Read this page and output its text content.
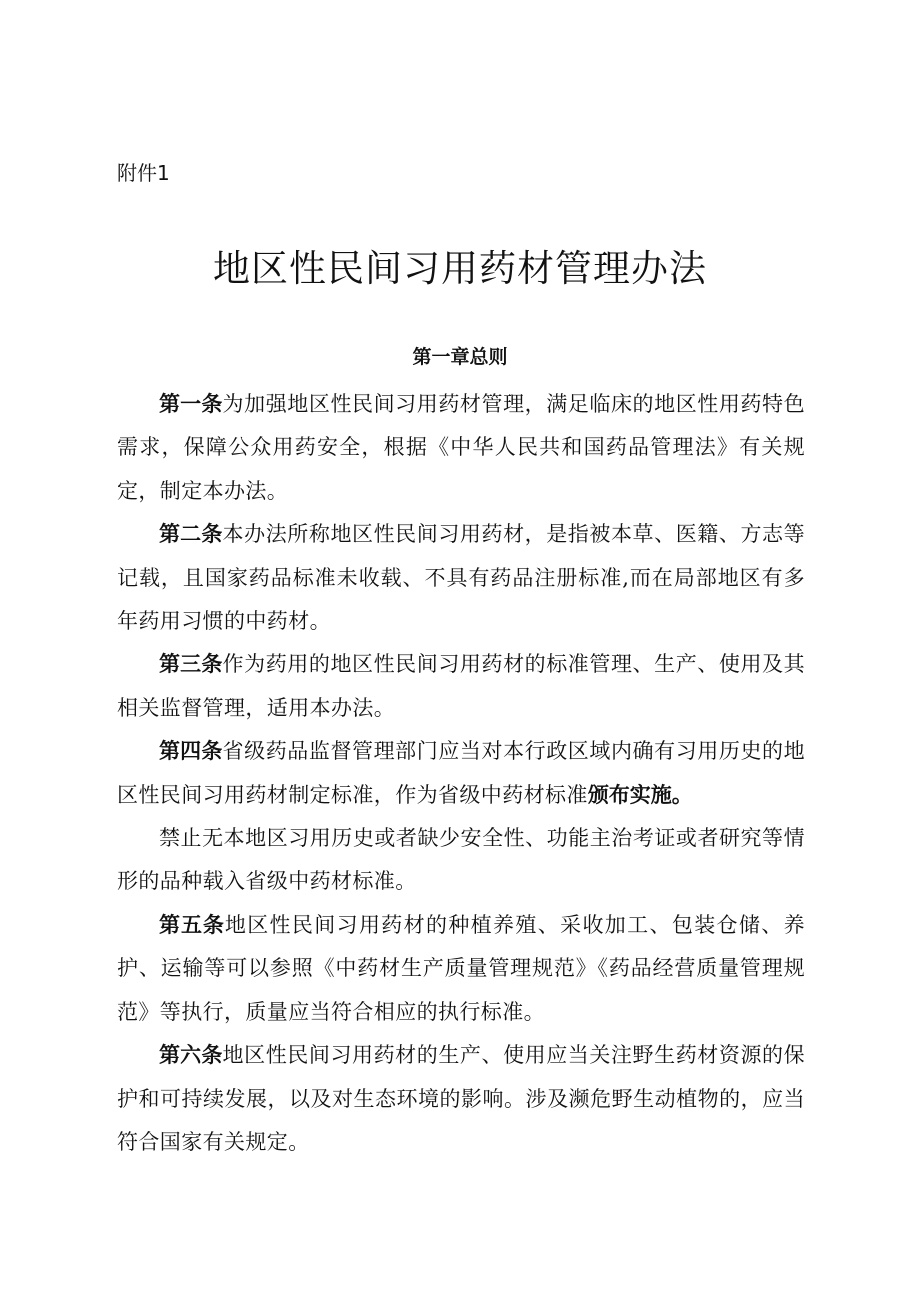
附件1
地区性民间习用药材管理办法
第一章总则

第一条为加强地区性民间习用药材管理，满足临床的地区性用药特色需求，保障公众用药安全，根据《中华人民共和国药品管理法》有关规定，制定本办法。

第二条本办法所称地区性民间习用药材，是指被本草、医籍、方志等记载，且国家药品标准未收载、不具有药品注册标准,而在局部地区有多年药用习惯的中药材。

第三条作为药用的地区性民间习用药材的标准管理、生产、使用及其相关监督管理，适用本办法。

第四条省级药品监督管理部门应当对本行政区域内确有习用历史的地区性民间习用药材制定标准，作为省级中药材标准颁布实施。

禁止无本地区习用历史或者缺少安全性、功能主治考证或者研究等情形的品种载入省级中药材标准。

第五条地区性民间习用药材的种植养殖、采收加工、包装仓储、养护、运输等可以参照《中药材生产质量管理规范》《药品经营质量管理规范》等执行，质量应当符合相应的执行标准。

第六条地区性民间习用药材的生产、使用应当关注野生药材资源的保护和可持续发展，以及对生态环境的影响。涉及濒危野生动植物的，应当符合国家有关规定。
